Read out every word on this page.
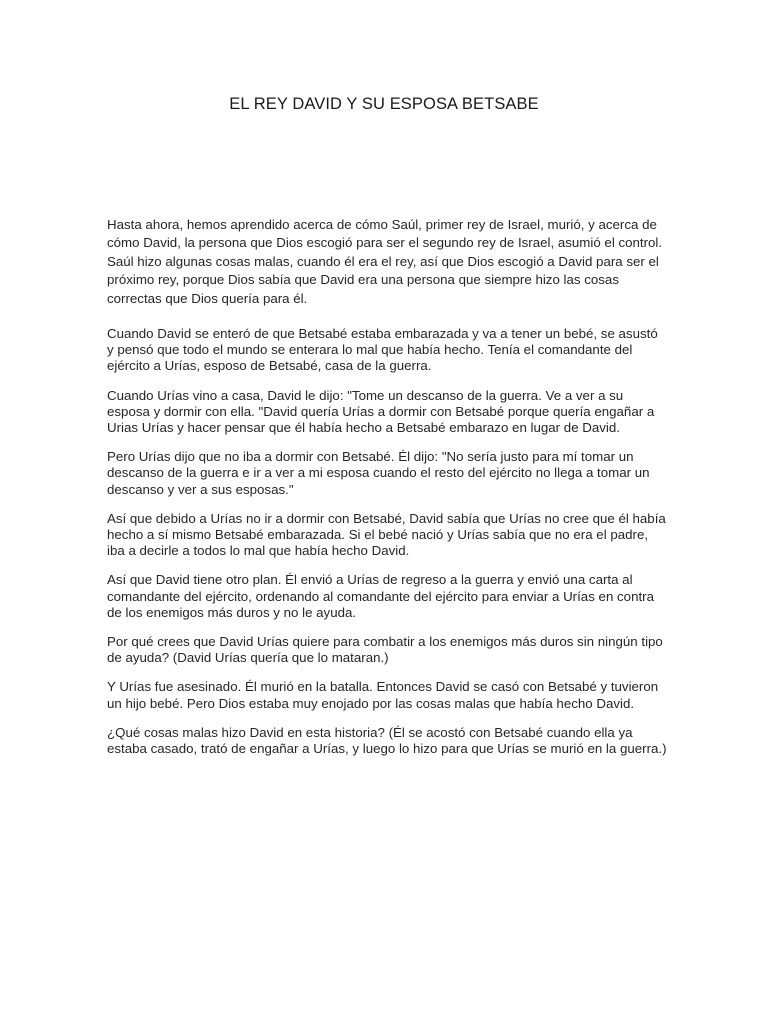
EL REY DAVID Y SU ESPOSA BETSABE

Hasta ahora, hemos aprendido acerca de cómo Saúl, primer rey de Israel, murió, y acerca de cómo David, la persona que Dios escogió para ser el segundo rey de Israel, asumió el control. Saúl hizo algunas cosas malas, cuando él era el rey, así que Dios escogió a David para ser el próximo rey, porque Dios sabía que David era una persona que siempre hizo las cosas correctas que Dios quería para él.

Cuando David se enteró de que Betsabé estaba embarazada y va a tener un bebé, se asustó y pensó que todo el mundo se enterara lo mal que había hecho. Tenía el comandante del ejército a Urías, esposo de Betsabé, casa de la guerra.

Cuando Urías vino a casa, David le dijo: "Tome un descanso de la guerra. Ve a ver a su esposa y dormir con ella. "David quería Urías a dormir con Betsabé porque quería engañar a Urias Urías y hacer pensar que él había hecho a Betsabé embarazo en lugar de David.

Pero Urías dijo que no iba a dormir con Betsabé. Él dijo: "No sería justo para mí tomar un descanso de la guerra e ir a ver a mi esposa cuando el resto del ejército no llega a tomar un descanso y ver a sus esposas."

Así que debido a Urías no ir a dormir con Betsabé, David sabía que Urías no cree que él había hecho a sí mismo Betsabé embarazada. Si el bebé nació y Urías sabía que no era el padre, iba a decirle a todos lo mal que había hecho David.

Así que David tiene otro plan. Él envió a Urías de regreso a la guerra y envió una carta al comandante del ejército, ordenando al comandante del ejército para enviar a Urías en contra de los enemigos más duros y no le ayuda.

Por qué crees que David Urías quiere para combatir a los enemigos más duros sin ningún tipo de ayuda? (David Urías quería que lo mataran.)

Y Urías fue asesinado. Él murió en la batalla. Entonces David se casó con Betsabé y tuvieron un hijo bebé. Pero Dios estaba muy enojado por las cosas malas que había hecho David.

¿Qué cosas malas hizo David en esta historia? (Él se acostó con Betsabé cuando ella ya estaba casado, trató de engañar a Urías, y luego lo hizo para que Urías se murió en la guerra.)
